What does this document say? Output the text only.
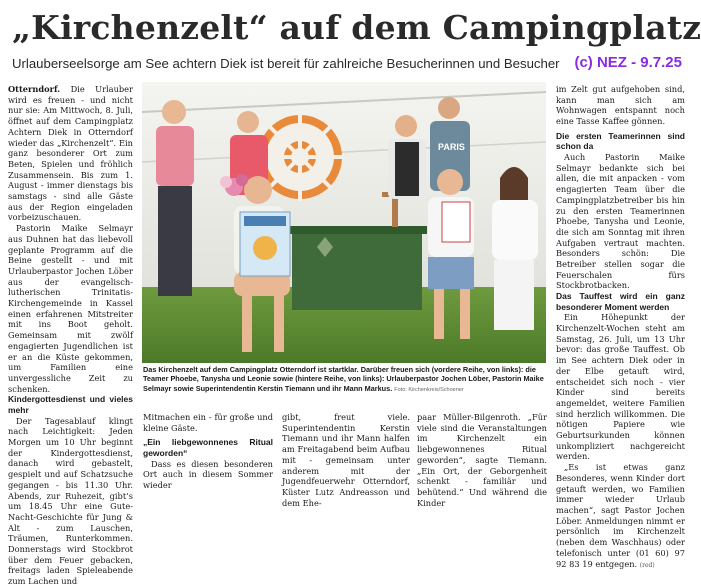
„Kirchenzelt“ auf dem Campingplatz
Urlauberseelsorge am See achtern Diek ist bereit für zahlreiche Besucherinnen und Besucher (c) NEZ - 9.7.25

Otterndorf. Die Urlauber wird es freuen - und nicht nur sie: Am Mittwoch, 8. Juli, öffnet auf dem Campingplatz Achtern Diek in Otterndorf wieder das „Kirchenzelt“. Ein ganz besonderer Ort zum Beten, Spielen und fröhlich Zusammensein. Bis zum 1. August - immer dienstags bis samstags - sind alle Gäste aus der Region eingeladen vorbeizuschauen.

Pastorin Maike Selmayr aus Duhnen hat das liebevoll geplante Programm auf die Beine gestellt - und mit Urlauberpastor Jochen Löber aus der evangelisch-lutherischen Trinitatis-Kirchengemeinde in Kassel einen erfahrenen Mitstreiter mit ins Boot geholt. Gemeinsam mit zwölf engagierten Jugendlichen ist er an die Küste gekommen, um Familien eine unvergessliche Zeit zu schenken.

Kindergottesdienst und vieles mehr

Der Tagesablauf klingt nach Leichtigkeit: Jeden Morgen um 10 Uhr beginnt der Kindergottesdienst, danach wird gebastelt, gespielt und auf Schatzsuche gegangen - bis 11.30 Uhr. Abends, zur Ruhezeit, gibt’s um 18.45 Uhr eine Gute-Nacht-Geschichte für Jung & Alt - zum Lauschen, Träumen, Runterkommen. Donnerstags wird Stockbrot über dem Feuer gebacken, freitags laden Spieleabende zum Lachen und

PARIS
Das Kirchenzelt auf dem Campingplatz Otterndorf ist startklar. Darüber freuen sich (vordere Reihe, von links): die Teamer Phoebe, Tanysha und Leonie sowie (hintere Reihe, von links): Urlauberpastor Jochen Löber, Pastorin Maike Selmayr sowie Superintendentin Kerstin Tiemann und ihr Mann Markus. Foto: Kirchenkreis/Schoener

Mitmachen ein - für große und kleine Gäste.

„Ein liebgewonnenes Ritual geworden“

Dass es diesen besonderen Ort auch in diesem Sommer wieder

gibt, freut viele. Superintendentin Kerstin Tiemann und ihr Mann halfen am Freitagabend beim Aufbau mit - gemeinsam unter anderem mit der Jugendfeuerwehr Otterndorf, Küster Lutz Andreasson und dem Ehe-

paar Müller-Bilgenroth. „Für viele sind die Veranstaltungen im Kirchenzelt ein liebgewonnenes Ritual geworden“, sagte Tiemann. „Ein Ort, der Geborgenheit schenkt - familiär und behütend.“ Und während die Kinder

im Zelt gut aufgehoben sind, kann man sich am Wohnwagen entspannt noch eine Tasse Kaffee gönnen.

Die ersten Teamerinnen sind schon da

Auch Pastorin Maike Selmayr bedankte sich bei allen, die mit anpacken - vom engagierten Team über die Campingplatzbetreiber bis hin zu den ersten Teamerinnen Phoebe, Tanysha und Leonie, die sich am Sonntag mit ihren Aufgaben vertraut machten. Besonders schön: Die Betreiber stellen sogar die Feuerschalen fürs Stockbrotbacken.

Das Tauffest wird ein ganz besonderer Moment werden

Ein Höhepunkt der Kirchenzelt-Wochen steht am Samstag, 26. Juli, um 13 Uhr bevor: das große Tauffest. Ob im See achtern Diek oder in der Elbe getauft wird, entscheidet sich noch - vier Kinder sind bereits angemeldet, weitere Familien sind herzlich willkommen. Die nötigen Papiere wie Geburtsurkunden können unkompliziert nachgereicht werden.

„Es ist etwas ganz Besonderes, wenn Kinder dort getauft werden, wo Familien immer wieder Urlaub machen“, sagt Pastor Jochen Löber. Anmeldungen nimmt er persönlich im Kirchenzelt (neben dem Waschhaus) oder telefonisch unter (01 60) 97 92 83 19 entgegen. (red)
